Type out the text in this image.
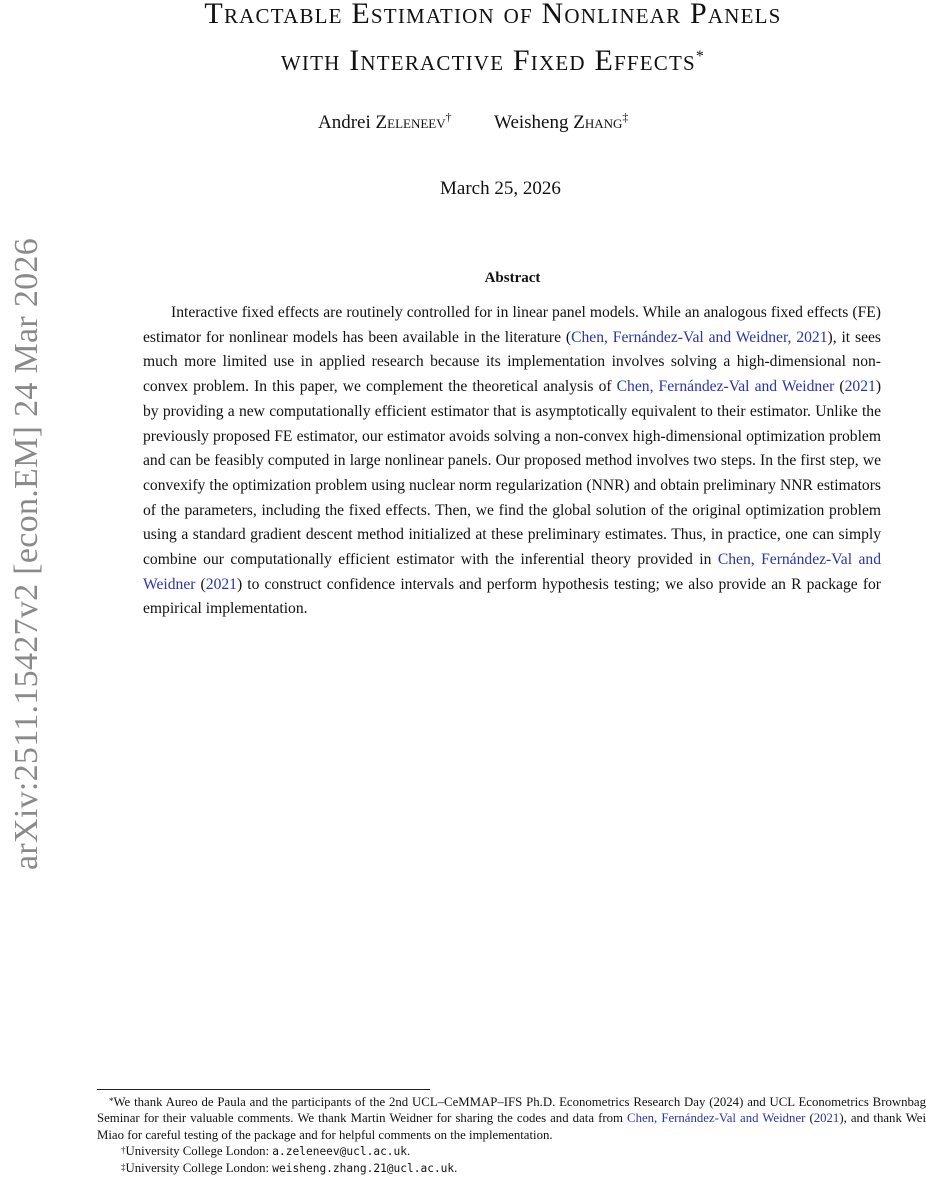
arXiv:2511.15427v2 [econ.EM] 24 Mar 2026
Tractable Estimation of Nonlinear Panels
with Interactive Fixed Effects*
Andrei Zeleneev† Weisheng Zhang‡
March 25, 2026
Abstract

Interactive fixed effects are routinely controlled for in linear panel models. While an analogous fixed effects (FE) estimator for nonlinear models has been available in the literature (Chen, Fernández-Val and Weidner, 2021), it sees much more limited use in applied research because its implementation involves solving a high-dimensional non-convex problem. In this paper, we complement the theoretical analysis of Chen, Fernández-Val and Weidner (2021) by providing a new computationally efficient estimator that is asymptotically equivalent to their estimator. Unlike the previously proposed FE estimator, our estimator avoids solving a non-convex high-dimensional optimization problem and can be feasibly computed in large nonlinear panels. Our proposed method involves two steps. In the first step, we convexify the optimization problem using nuclear norm regularization (NNR) and obtain preliminary NNR estimators of the parameters, including the fixed effects. Then, we find the global solution of the original optimization problem using a standard gradient descent method initialized at these preliminary estimates. Thus, in practice, one can simply combine our computationally efficient estimator with the inferential theory provided in Chen, Fernández-Val and Weidner (2021) to construct confidence intervals and perform hypothesis testing; we also provide an R package for empirical implementation.

*We thank Aureo de Paula and the participants of the 2nd UCL–CeMMAP–IFS Ph.D. Econometrics Research Day (2024) and UCL Econometrics Brownbag Seminar for their valuable comments. We thank Martin Weidner for sharing the codes and data from Chen, Fernández-Val and Weidner (2021), and thank Wei Miao for careful testing of the package and for helpful comments on the implementation.

†University College London: a.zeleneev@ucl.ac.uk.

‡University College London: weisheng.zhang.21@ucl.ac.uk.
